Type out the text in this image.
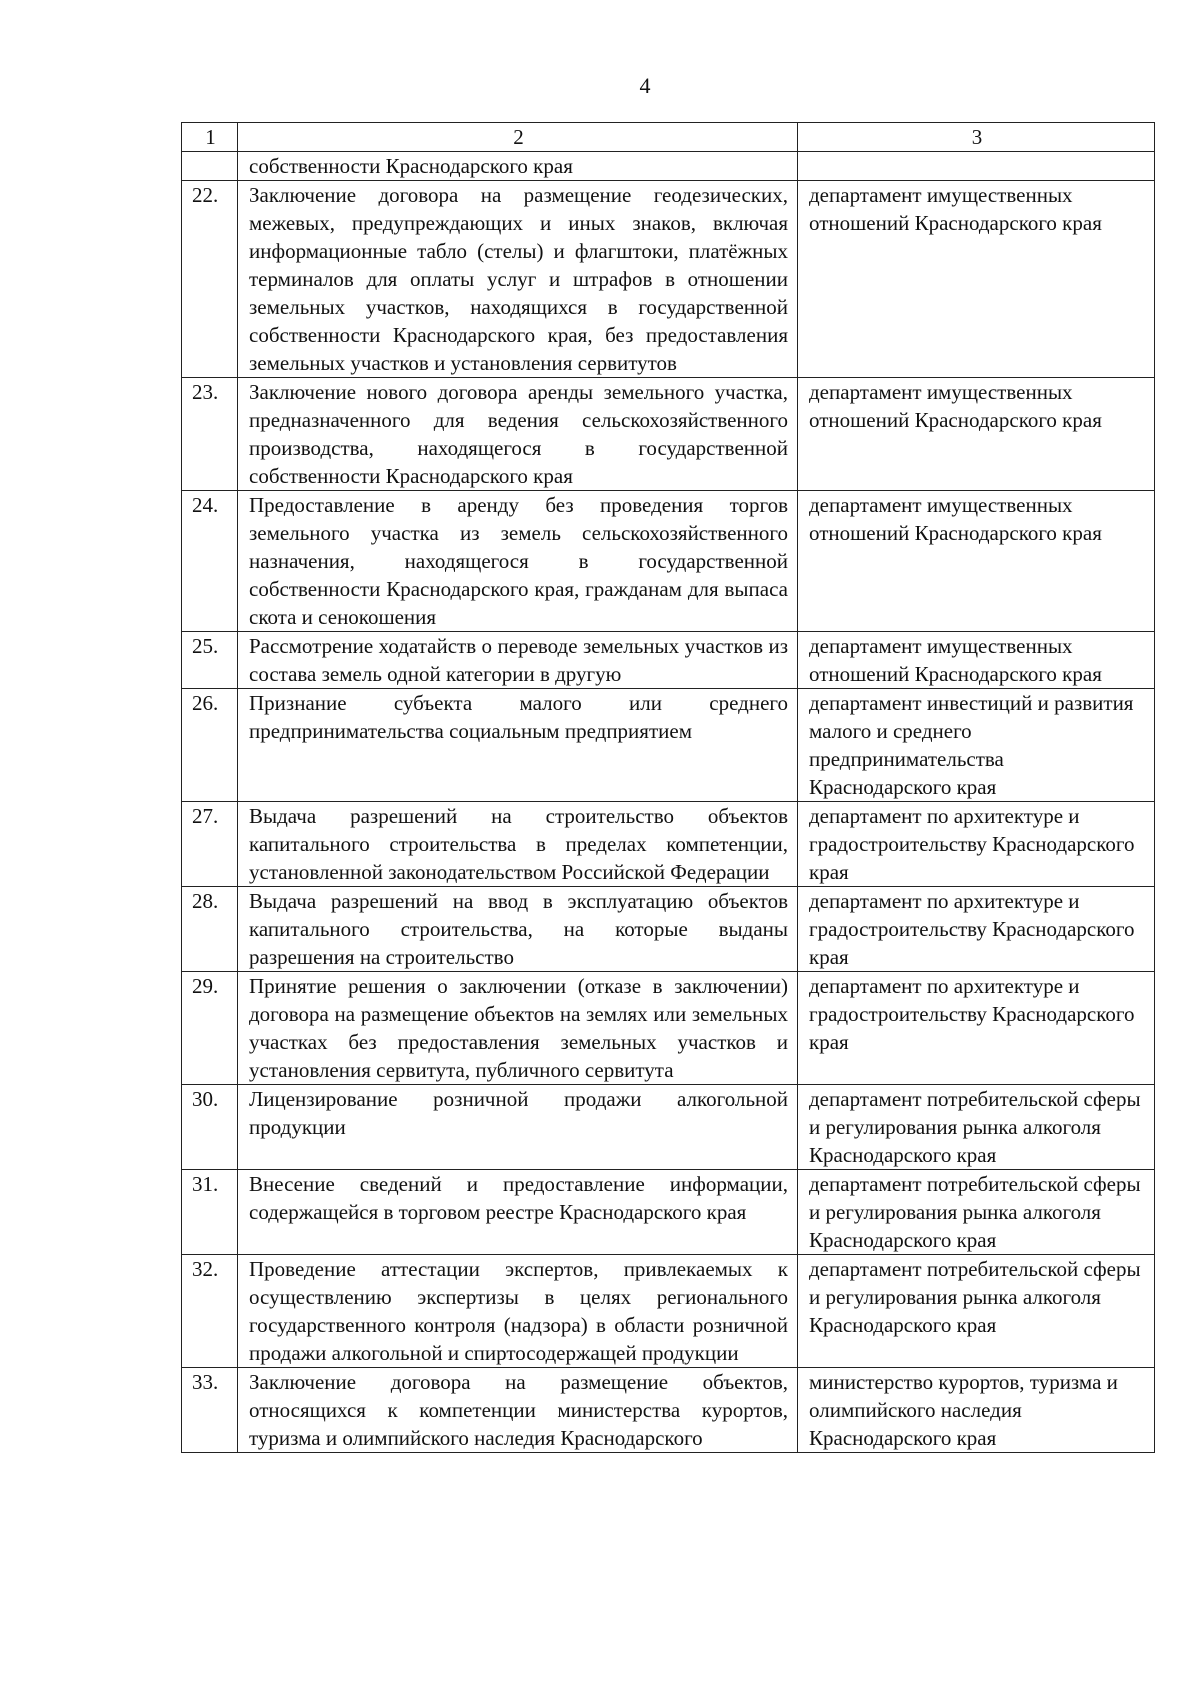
4
1	2	3
	собственности Краснодарского края	
22.	Заключение договора на размещение геодезических, межевых, предупреждающих и иных знаков, включая информационные табло (стелы) и флагштоки, платёжных терминалов для оплаты услуг и штрафов в отношении земельных участков, находящихся в государственной собственности Краснодарского края, без предоставления земельных участков и установления сервитутов	департамент имущественных отношений Краснодарского края
23.	Заключение нового договора аренды земельного участка, предназначенного для ведения сельскохозяйственного производства, находящегося в государственной собственности Краснодарского края	департамент имущественных отношений Краснодарского края
24.	Предоставление в аренду без проведения торгов земельного участка из земель сельскохозяйственного назначения, находящегося в государственной собственности Краснодарского края, гражданам для выпаса скота и сенокошения	департамент имущественных отношений Краснодарского края
25.	Рассмотрение ходатайств о переводе земельных участков из состава земель одной категории в другую	департамент имущественных отношений Краснодарского края
26.	Признание субъекта малого или среднего предпринимательства социальным предприятием	департамент инвестиций и развития малого и среднего предпринимательства Краснодарского края
27.	Выдача разрешений на строительство объектов капитального строительства в пределах компетенции, установленной законодательством Российской Федерации	департамент по архитектуре и градостроительству Краснодарского края
28.	Выдача разрешений на ввод в эксплуатацию объектов капитального строительства, на которые выданы разрешения на строительство	департамент по архитектуре и градостроительству Краснодарского края
29.	Принятие решения о заключении (отказе в заключении) договора на размещение объектов на землях или земельных участках без предоставления земельных участков и установления сервитута, публичного сервитута	департамент по архитектуре и градостроительству Краснодарского края
30.	Лицензирование розничной продажи алкогольной продукции	департамент потребительской сферы и регулирования рынка алкоголя Краснодарского края
31.	Внесение сведений и предоставление информации, содержащейся в торговом реестре Краснодарского края	департамент потребительской сферы и регулирования рынка алкоголя Краснодарского края
32.	Проведение аттестации экспертов, привлекаемых к осуществлению экспертизы в целях регионального государственного контроля (надзора) в области розничной продажи алкогольной и спиртосодержащей продукции	департамент потребительской сферы и регулирования рынка алкоголя Краснодарского края
33.	Заключение договора на размещение объектов, относящихся к компетенции министерства курортов, туризма и олимпийского наследия Краснодарского	министерство курортов, туризма и олимпийского наследия Краснодарского края
